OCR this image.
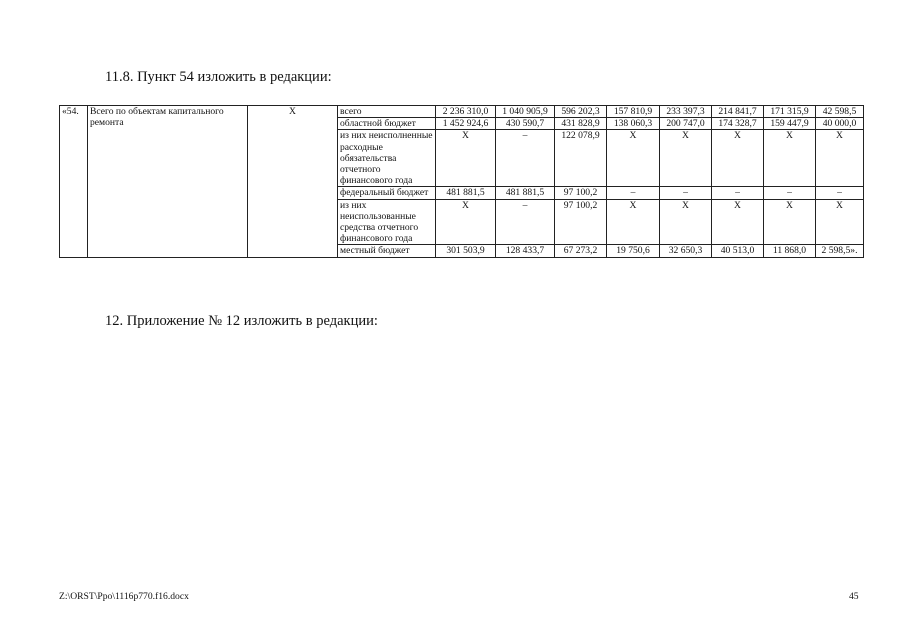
11.8. Пункт 54 изложить в редакции:

«54.	Всего по объектам капитального ремонта	Х	всего	2 236 310,0	1 040 905,9	596 202,3	157 810,9	233 397,3	214 841,7	171 315,9	42 598,5
			областной бюджет	1 452 924,6	430 590,7	431 828,9	138 060,3	200 747,0	174 328,7	159 447,9	40 000,0
			из них неисполненные расходные обязательства отчетного финансового года	Х	–	122 078,9	Х	Х	Х	Х	Х
			федеральный бюджет	481 881,5	481 881,5	97 100,2	–	–	–	–	–
			из них неиспользованные средства отчетного финансового года	Х	–	97 100,2	Х	Х	Х	Х	Х
			местный бюджет	301 503,9	128 433,7	67 273,2	19 750,6	32 650,3	40 513,0	11 868,0	2 598,5».

12. Приложение № 12 изложить в редакции:

Z:\ORST\Ppo\1116p770.f16.docx	45
